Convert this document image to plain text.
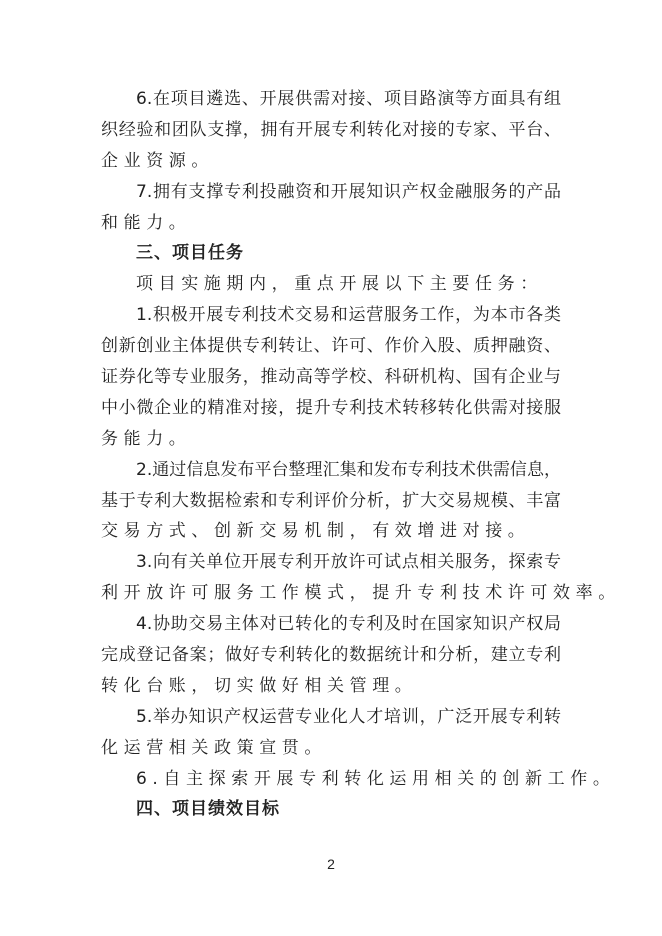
6.在项目遴选、开展供需对接、项目路演等方面具有组
织经验和团队支撑，拥有开展专利转化对接的专家、平台、
企业资源。
7.拥有支撑专利投融资和开展知识产权金融服务的产品
和能力。
三、项目任务
项目实施期内，重点开展以下主要任务：
1.积极开展专利技术交易和运营服务工作，为本市各类
创新创业主体提供专利转让、许可、作价入股、质押融资、
证券化等专业服务，推动高等学校、科研机构、国有企业与
中小微企业的精准对接，提升专利技术转移转化供需对接服
务能力。
2.通过信息发布平台整理汇集和发布专利技术供需信息，
基于专利大数据检索和专利评价分析，扩大交易规模、丰富
交易方式、创新交易机制，有效增进对接。
3.向有关单位开展专利开放许可试点相关服务，探索专
利开放许可服务工作模式，提升专利技术许可效率。
4.协助交易主体对已转化的专利及时在国家知识产权局
完成登记备案；做好专利转化的数据统计和分析，建立专利
转化台账，切实做好相关管理。
5.举办知识产权运营专业化人才培训，广泛开展专利转
化运营相关政策宣贯。
6.自主探索开展专利转化运用相关的创新工作。
四、项目绩效目标
2
